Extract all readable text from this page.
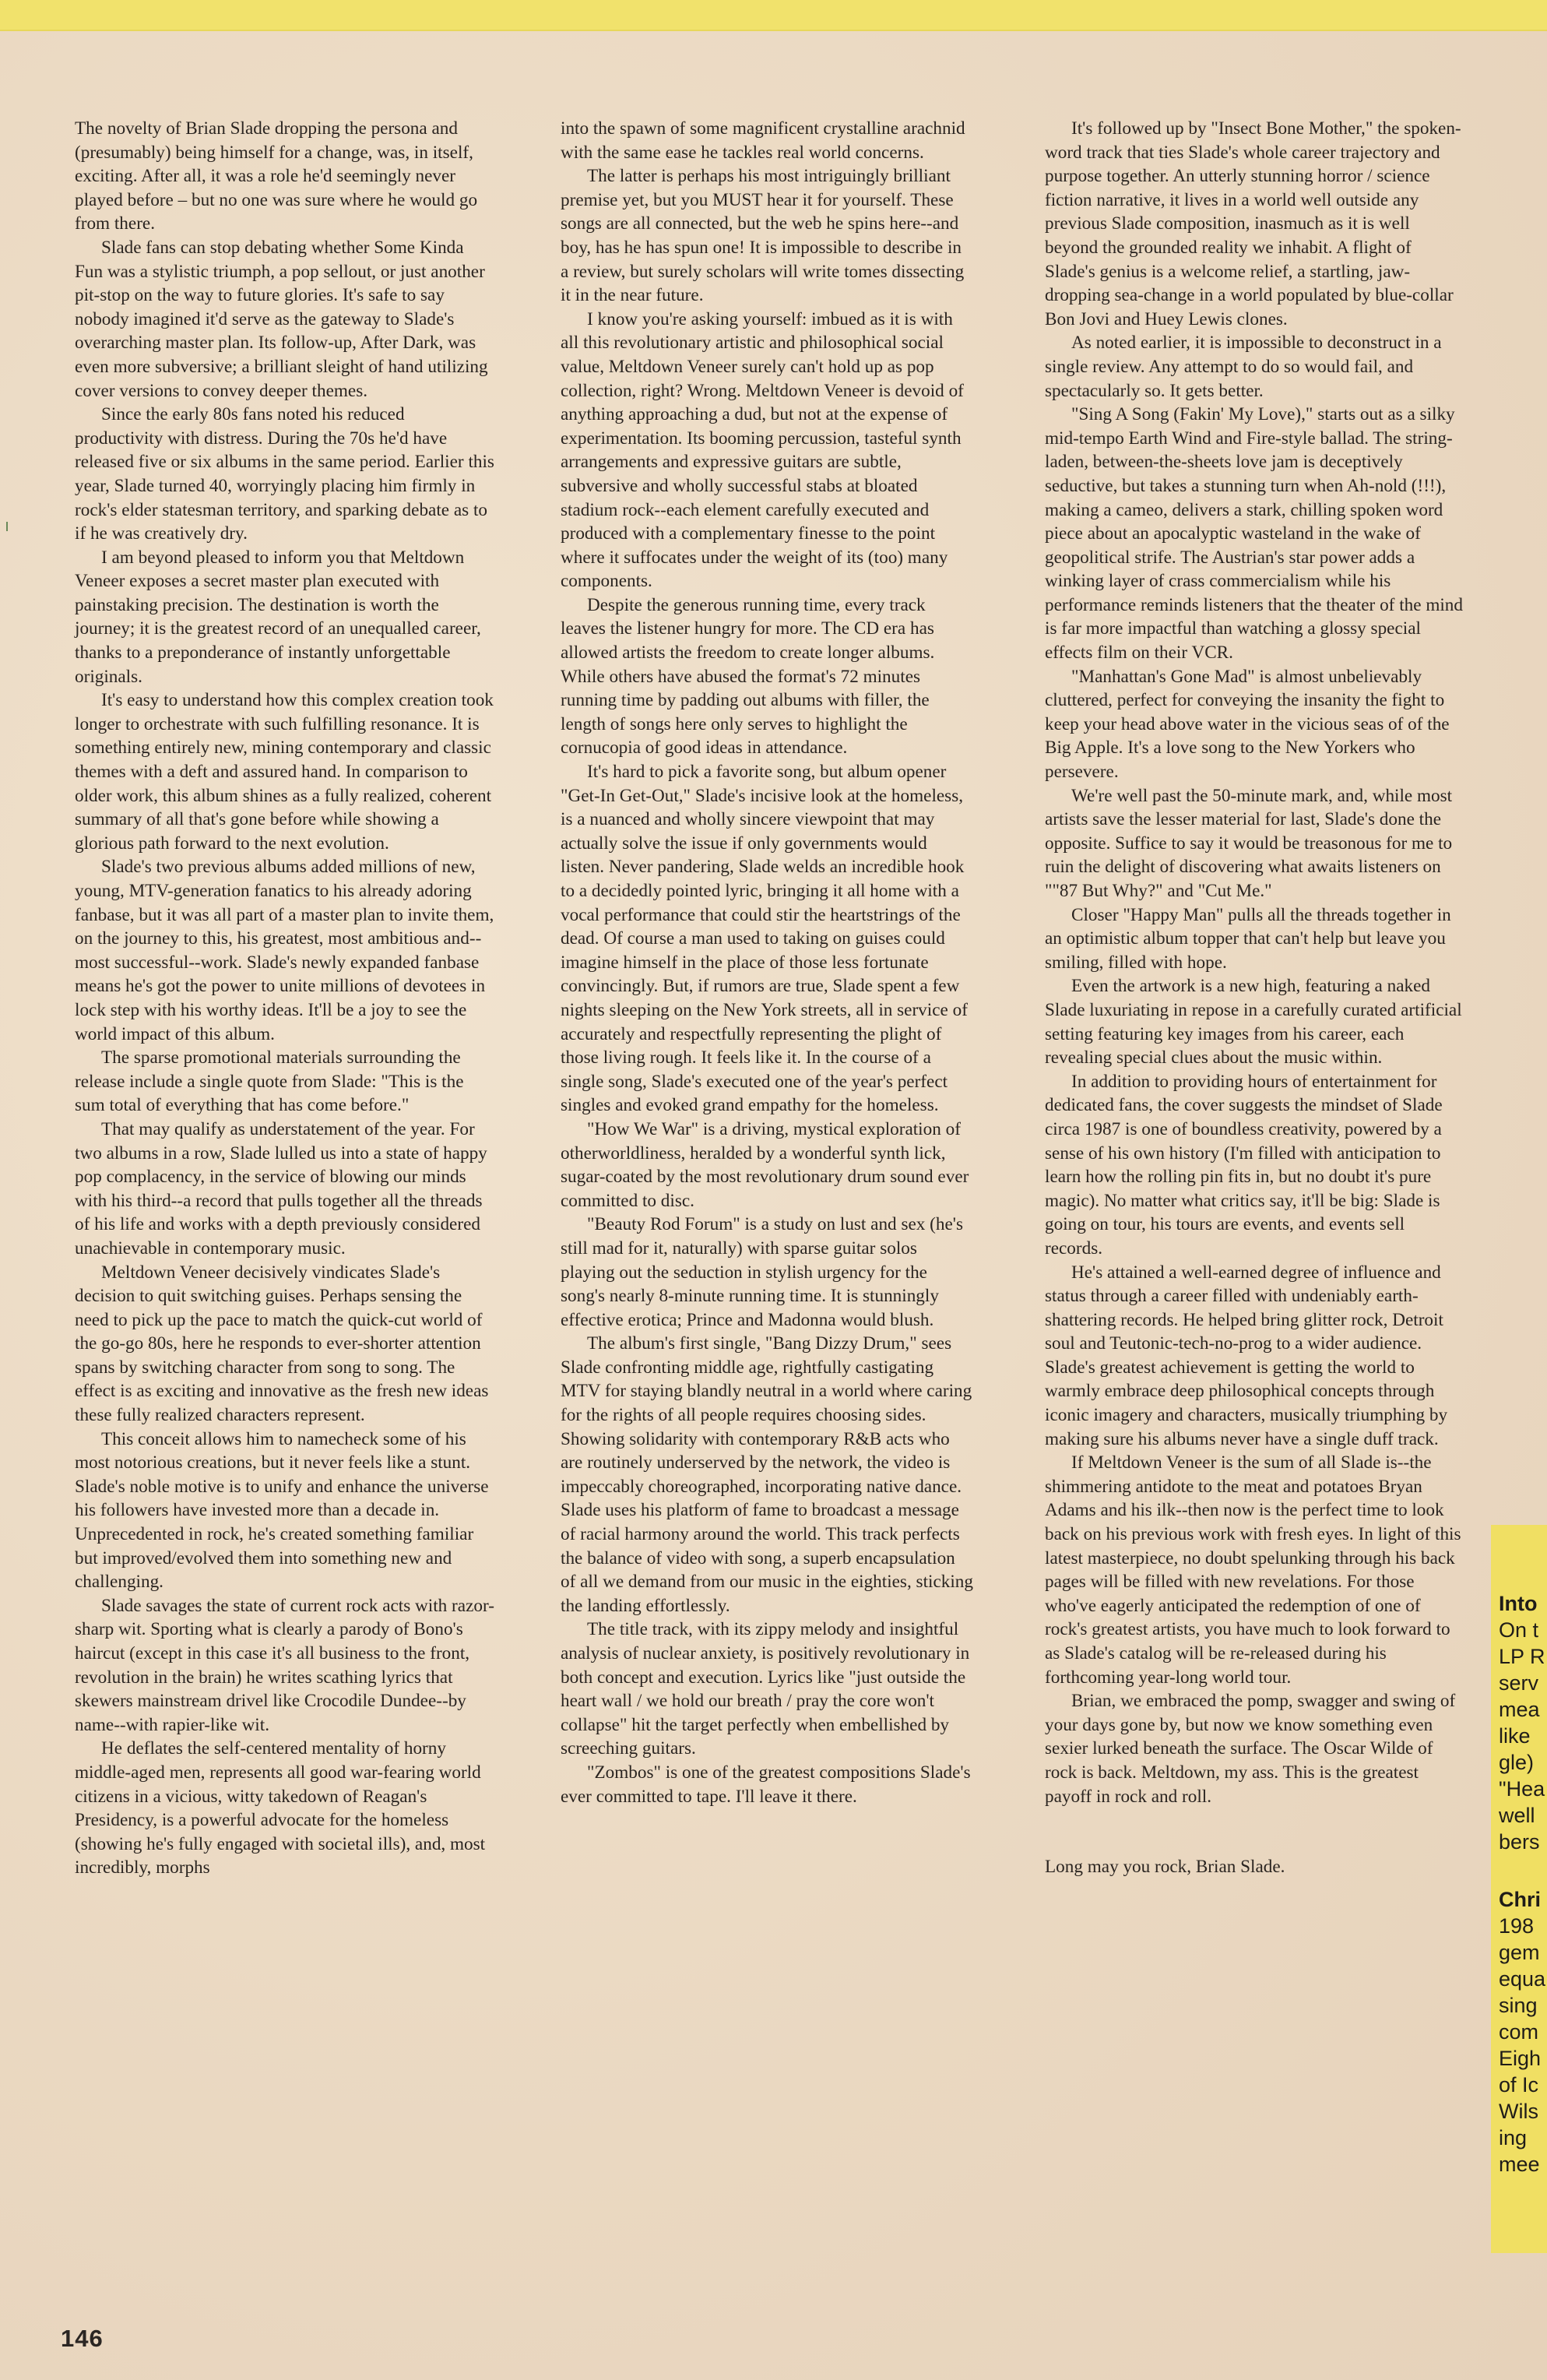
The novelty of Brian Slade dropping the persona and (presumably) being himself for a change, was, in itself, exciting. After all, it was a role he'd seemingly never played before – but no one was sure where he would go from there.

Slade fans can stop debating whether Some Kinda Fun was a stylistic triumph, a pop sellout, or just another pit-stop on the way to future glories. It's safe to say nobody imagined it'd serve as the gateway to Slade's overarching master plan. Its follow-up, After Dark, was even more subversive; a brilliant sleight of hand utilizing cover versions to convey deeper themes.

Since the early 80s fans noted his reduced productivity with distress. During the 70s he'd have released five or six albums in the same period. Earlier this year, Slade turned 40, worryingly placing him firmly in rock's elder statesman territory, and sparking debate as to if he was creatively dry.

I am beyond pleased to inform you that Meltdown Veneer exposes a secret master plan executed with painstaking precision. The destination is worth the journey; it is the greatest record of an unequalled career, thanks to a preponderance of instantly unforgettable originals.

It's easy to understand how this complex creation took longer to orchestrate with such fulfilling resonance. It is something entirely new, mining contemporary and classic themes with a deft and assured hand. In comparison to older work, this album shines as a fully realized, coherent summary of all that's gone before while showing a glorious path forward to the next evolution.

Slade's two previous albums added millions of new, young, MTV-generation fanatics to his already adoring fanbase, but it was all part of a master plan to invite them, on the journey to this, his greatest, most ambitious and--most successful--work. Slade's newly expanded fanbase means he's got the power to unite millions of devotees in lock step with his worthy ideas. It'll be a joy to see the world impact of this album.

The sparse promotional materials surrounding the release include a single quote from Slade: "This is the sum total of everything that has come before."

That may qualify as understatement of the year. For two albums in a row, Slade lulled us into a state of happy pop complacency, in the service of blowing our minds with his third--a record that pulls together all the threads of his life and works with a depth previously considered unachievable in contemporary music.

Meltdown Veneer decisively vindicates Slade's decision to quit switching guises. Perhaps sensing the need to pick up the pace to match the quick-cut world of the go-go 80s, here he responds to ever-shorter attention spans by switching character from song to song. The effect is as exciting and innovative as the fresh new ideas these fully realized characters represent.

This conceit allows him to namecheck some of his most notorious creations, but it never feels like a stunt. Slade's noble motive is to unify and enhance the universe his followers have invested more than a decade in. Unprecedented in rock, he's created something familiar but improved/evolved them into something new and challenging.

Slade savages the state of current rock acts with razor-sharp wit. Sporting what is clearly a parody of Bono's haircut (except in this case it's all business to the front, revolution in the brain) he writes scathing lyrics that skewers mainstream drivel like Crocodile Dundee--by name--with rapier-like wit.

He deflates the self-centered mentality of horny middle-aged men, represents all good war-fearing world citizens in a vicious, witty takedown of Reagan's Presidency, is a powerful advocate for the homeless (showing he's fully engaged with societal ills), and, most incredibly, morphs

into the spawn of some magnificent crystalline arachnid with the same ease he tackles real world concerns.

The latter is perhaps his most intriguingly brilliant premise yet, but you MUST hear it for yourself. These songs are all connected, but the web he spins here--and boy, has he has spun one! It is impossible to describe in a review, but surely scholars will write tomes dissecting it in the near future.

I know you're asking yourself: imbued as it is with all this revolutionary artistic and philosophical social value, Meltdown Veneer surely can't hold up as pop collection, right? Wrong. Meltdown Veneer is devoid of anything approaching a dud, but not at the expense of experimentation. Its booming percussion, tasteful synth arrangements and expressive guitars are subtle, subversive and wholly successful stabs at bloated stadium rock--each element carefully executed and produced with a complementary finesse to the point where it suffocates under the weight of its (too) many components.

Despite the generous running time, every track leaves the listener hungry for more. The CD era has allowed artists the freedom to create longer albums. While others have abused the format's 72 minutes running time by padding out albums with filler, the length of songs here only serves to highlight the cornucopia of good ideas in attendance.

It's hard to pick a favorite song, but album opener "Get-In Get-Out," Slade's incisive look at the homeless, is a nuanced and wholly sincere viewpoint that may actually solve the issue if only governments would listen. Never pandering, Slade welds an incredible hook to a decidedly pointed lyric, bringing it all home with a vocal performance that could stir the heartstrings of the dead. Of course a man used to taking on guises could imagine himself in the place of those less fortunate convincingly. But, if rumors are true, Slade spent a few nights sleeping on the New York streets, all in service of accurately and respectfully representing the plight of those living rough. It feels like it. In the course of a single song, Slade's executed one of the year's perfect singles and evoked grand empathy for the homeless.

"How We War" is a driving, mystical exploration of otherworldliness, heralded by a wonderful synth lick, sugar-coated by the most revolutionary drum sound ever committed to disc.

"Beauty Rod Forum" is a study on lust and sex (he's still mad for it, naturally) with sparse guitar solos playing out the seduction in stylish urgency for the song's nearly 8-minute running time. It is stunningly effective erotica; Prince and Madonna would blush.

The album's first single, "Bang Dizzy Drum," sees Slade confronting middle age, rightfully castigating MTV for staying blandly neutral in a world where caring for the rights of all people requires choosing sides. Showing solidarity with contemporary R&B acts who are routinely underserved by the network, the video is impeccably choreographed, incorporating native dance. Slade uses his platform of fame to broadcast a message of racial harmony around the world. This track perfects the balance of video with song, a superb encapsulation of all we demand from our music in the eighties, sticking the landing effortlessly.

The title track, with its zippy melody and insightful analysis of nuclear anxiety, is positively revolutionary in both concept and execution. Lyrics like "just outside the heart wall / we hold our breath / pray the core won't collapse" hit the target perfectly when embellished by screeching guitars.

"Zombos" is one of the greatest compositions Slade's ever committed to tape. I'll leave it there.

It's followed up by "Insect Bone Mother," the spoken-word track that ties Slade's whole career trajectory and purpose together. An utterly stunning horror / science fiction narrative, it lives in a world well outside any previous Slade composition, inasmuch as it is well beyond the grounded reality we inhabit. A flight of Slade's genius is a welcome relief, a startling, jaw-dropping sea-change in a world populated by blue-collar Bon Jovi and Huey Lewis clones.

As noted earlier, it is impossible to deconstruct in a single review. Any attempt to do so would fail, and spectacularly so. It gets better.

"Sing A Song (Fakin' My Love)," starts out as a silky mid-tempo Earth Wind and Fire-style ballad. The string-laden, between-the-sheets love jam is deceptively seductive, but takes a stunning turn when Ah-nold (!!!), making a cameo, delivers a stark, chilling spoken word piece about an apocalyptic wasteland in the wake of geopolitical strife. The Austrian's star power adds a winking layer of crass commercialism while his performance reminds listeners that the theater of the mind is far more impactful than watching a glossy special effects film on their VCR.

"Manhattan's Gone Mad" is almost unbelievably cluttered, perfect for conveying the insanity the fight to keep your head above water in the vicious seas of of the Big Apple. It's a love song to the New Yorkers who persevere.

We're well past the 50-minute mark, and, while most artists save the lesser material for last, Slade's done the opposite. Suffice to say it would be treasonous for me to ruin the delight of discovering what awaits listeners on ""87 But Why?" and "Cut Me."

Closer "Happy Man" pulls all the threads together in an optimistic album topper that can't help but leave you smiling, filled with hope.

Even the artwork is a new high, featuring a naked Slade luxuriating in repose in a carefully curated artificial setting featuring key images from his career, each revealing special clues about the music within.

In addition to providing hours of entertainment for dedicated fans, the cover suggests the mindset of Slade circa 1987 is one of boundless creativity, powered by a sense of his own history (I'm filled with anticipation to learn how the rolling pin fits in, but no doubt it's pure magic). No matter what critics say, it'll be big: Slade is going on tour, his tours are events, and events sell records.

He's attained a well-earned degree of influence and status through a career filled with undeniably earth-shattering records. He helped bring glitter rock, Detroit soul and Teutonic-tech-no-prog to a wider audience. Slade's greatest achievement is getting the world to warmly embrace deep philosophical concepts through iconic imagery and characters, musically triumphing by making sure his albums never have a single duff track.

If Meltdown Veneer is the sum of all Slade is--the shimmering antidote to the meat and potatoes Bryan Adams and his ilk--then now is the perfect time to look back on his previous work with fresh eyes. In light of this latest masterpiece, no doubt spelunking through his back pages will be filled with new revelations. For those who've eagerly anticipated the redemption of one of rock's greatest artists, you have much to look forward to as Slade's catalog will be re-released during his forthcoming year-long world tour.

Brian, we embraced the pomp, swagger and swing of your days gone by, but now we know something even sexier lurked beneath the surface. The Oscar Wilde of rock is back. Meltdown, my ass. This is the greatest payoff in rock and roll.

Long may you rock, Brian Slade.

Into
On t
LP R
serv
mea
like
gle)
"Hea
well
bers
Chri
198
gem
equa
sing
com
Eigh
of Ic
Wils
ing
mee
146
